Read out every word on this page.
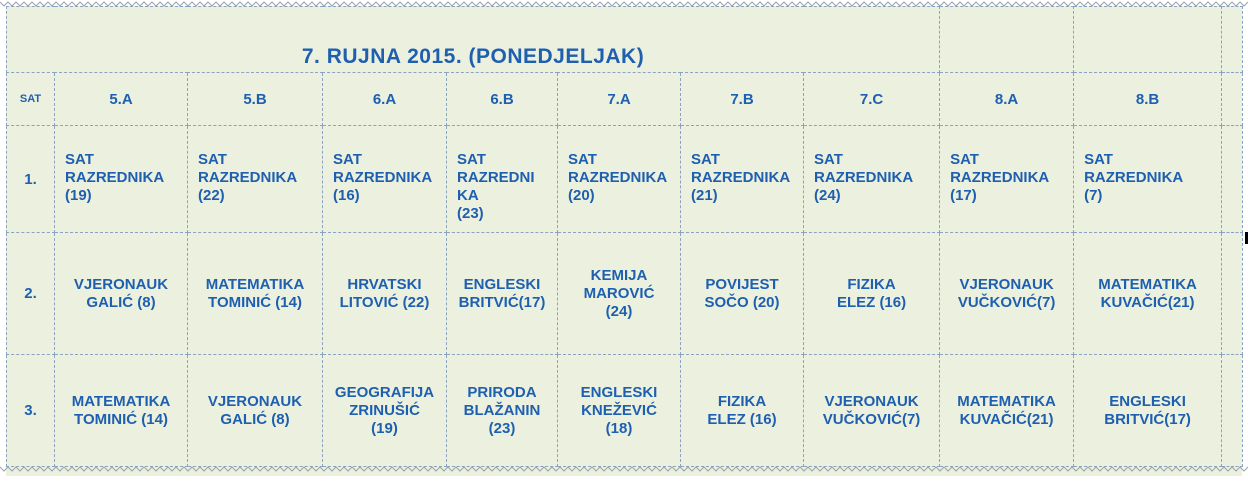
7. RUJNA 2015. (PONEDJELJAK)										
SAT	5.A	5.B	6.A	6.B	7.A	7.B	7.C	8.A	8.B	
1.	SAT
RAZREDNIKA
(19)	SAT
RAZREDNIKA
(22)	SAT
RAZREDNIKA
(16)	SAT
RAZREDNI
KA
(23)	SAT
RAZREDNIKA
(20)	SAT
RAZREDNIKA
(21)	SAT
RAZREDNIKA
(24)	SAT
RAZREDNIKA
(17)	SAT
RAZREDNIKA
(7)	

2.	VJERONAUK
GALIĆ (8)	MATEMATIKA
TOMINIĆ (14)	HRVATSKI
LITOVIĆ (22)	ENGLESKI
BRITVIĆ(17)	KEMIJA
MAROVIĆ
(24)	POVIJEST
SOČO (20)	FIZIKA
ELEZ (16)	VJERONAUK
VUČKOVIĆ(7)	MATEMATIKA
KUVAČIĆ(21)	

3.	MATEMATIKA
TOMINIĆ (14)	VJERONAUK
GALIĆ (8)	GEOGRAFIJA
ZRINUŠIĆ
(19)	PRIRODA
BLAŽANIN
(23)	ENGLESKI
KNEŽEVIĆ
(18)	FIZIKA
ELEZ (16)	VJERONAUK
VUČKOVIĆ(7)	MATEMATIKA
KUVAČIĆ(21)	ENGLESKI
BRITVIĆ(17)	
